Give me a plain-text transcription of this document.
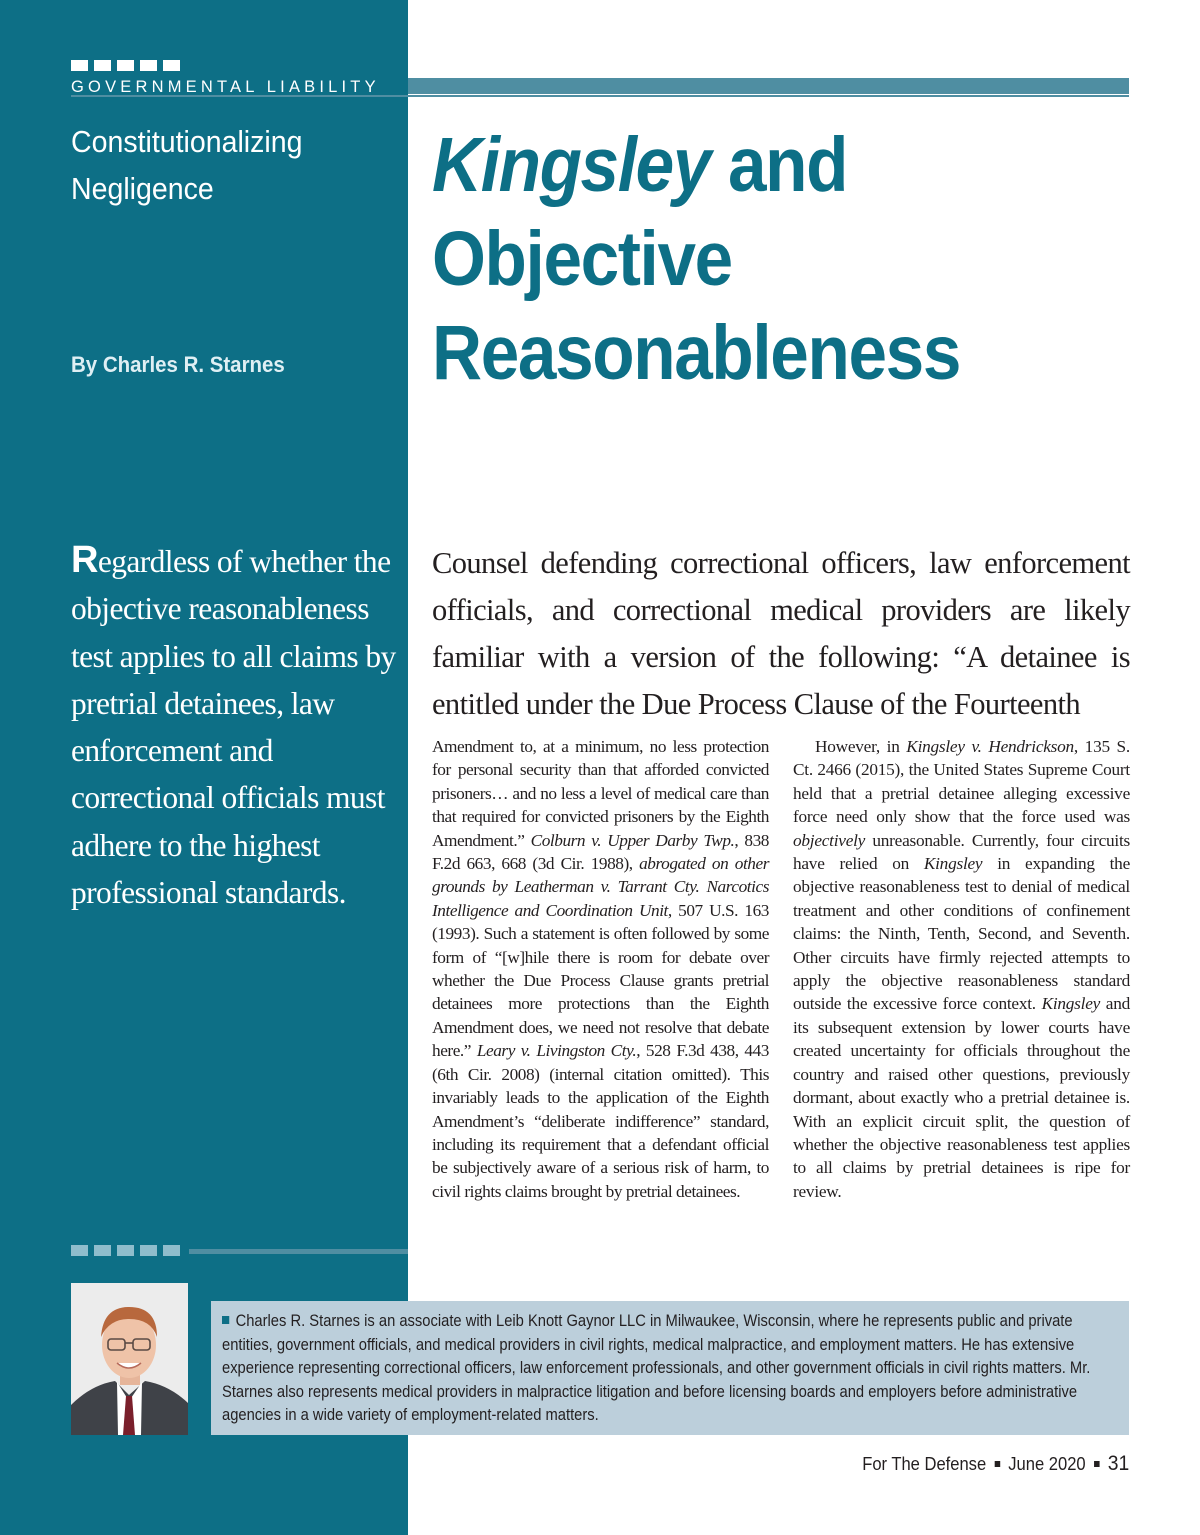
GOVERNMENTAL LIABILITY
Constitutionalizing Negligence
By Charles R. Starnes
Kingsley and Objective Reasonableness
Regardless of whether the objective reasonableness test applies to all claims by pretrial detainees, law enforcement and correctional officials must adhere to the highest professional standards.
Counsel defending correctional officers, law enforcement officials, and correctional medical providers are likely familiar with a version of the following: “A detainee is entitled under the Due Process Clause of the Fourteenth

Amendment to, at a minimum, no less protection for personal security than that afforded convicted prisoners… and no less a level of medical care than that required for convicted prisoners by the Eighth Amendment.” Colburn v. Upper Darby Twp., 838 F.2d 663, 668 (3d Cir. 1988), abrogated on other grounds by Leatherman v. Tarrant Cty. Narcotics Intelligence and Coordination Unit, 507 U.S. 163 (1993). Such a statement is often followed by some form of “[w]hile there is room for debate over whether the Due Process Clause grants pretrial detainees more protections than the Eighth Amendment does, we need not resolve that debate here.” Leary v. Livingston Cty., 528 F.3d 438, 443 (6th Cir. 2008) (internal citation omitted). This invariably leads to the application of the Eighth Amendment’s “deliberate indifference” standard, including its requirement that a defendant official be subjectively aware of a serious risk of harm, to civil rights claims brought by pretrial detainees.

However, in Kingsley v. Hendrickson, 135 S. Ct. 2466 (2015), the United States Supreme Court held that a pretrial detainee alleging excessive force need only show that the force used was objectively unreasonable. Currently, four circuits have relied on Kingsley in expanding the objective reasonableness test to denial of medical treatment and other conditions of confinement claims: the Ninth, Tenth, Second, and Seventh. Other circuits have firmly rejected attempts to apply the objective reasonableness standard outside the excessive force context. Kingsley and its subsequent extension by lower courts have created uncertainty for officials throughout the country and raised other questions, previously dormant, about exactly who a pretrial detainee is. With an explicit circuit split, the question of whether the objective reasonableness test applies to all claims by pretrial detainees is ripe for review.

Charles R. Starnes is an associate with Leib Knott Gaynor LLC in Milwaukee, Wisconsin, where he represents public and private entities, government officials, and medical providers in civil rights, medical malpractice, and employment matters. He has extensive experience representing correctional officers, law enforcement professionals, and other government officials in civil rights matters. Mr. Starnes also represents medical providers in malpractice litigation and before licensing boards and employers before administrative agencies in a wide variety of employment-related matters.
For The Defense June 2020 31
